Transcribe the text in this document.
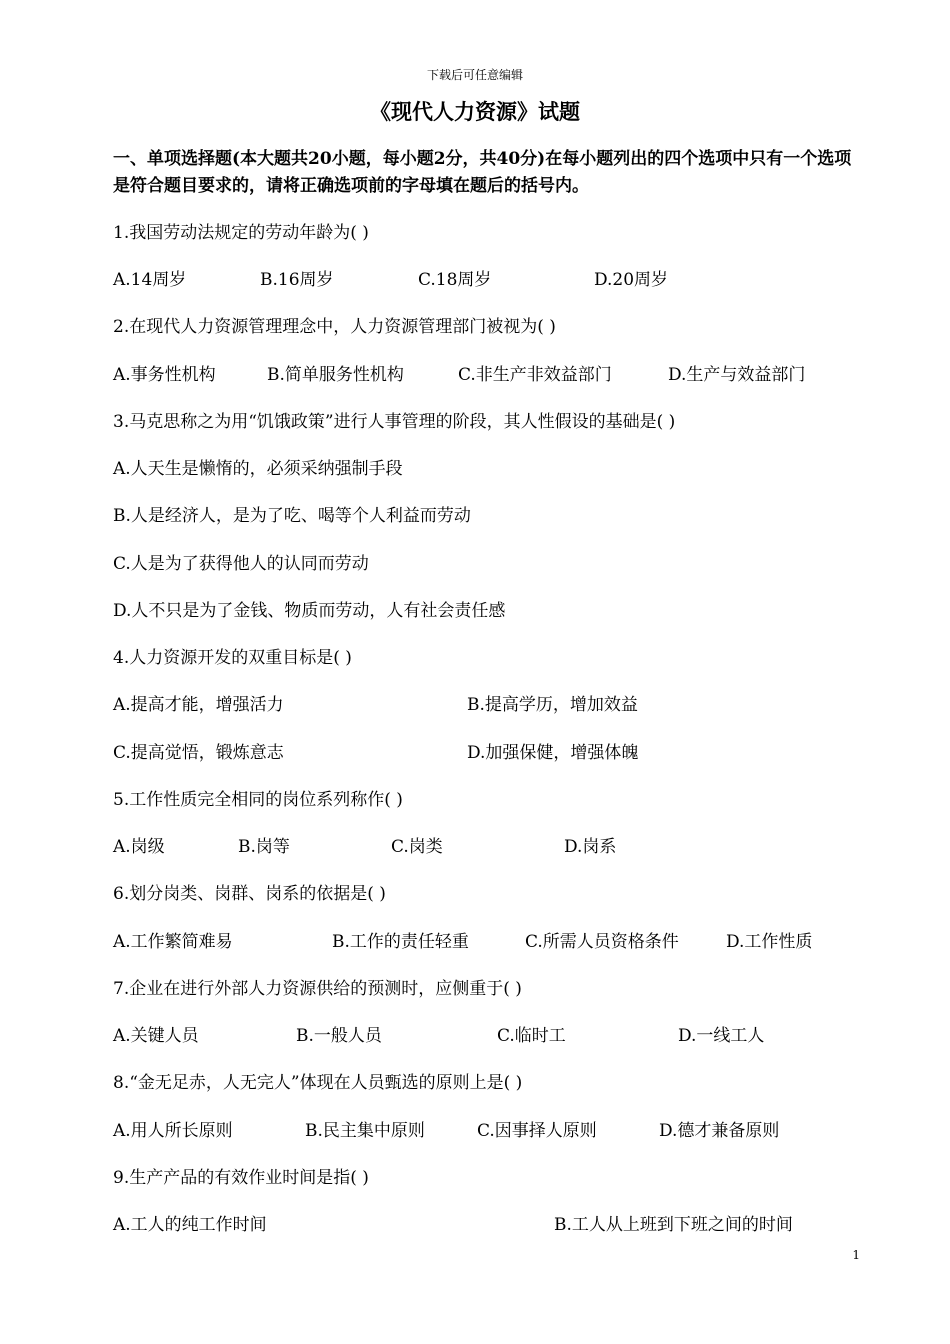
下载后可任意编辑
《现代人力资源》试题
一、单项选择题(本大题共20小题，每小题2分，共40分)在每小题列出的四个选项中只有一个选项是符合题目要求的，请将正确选项前的字母填在题后的括号内。
1.我国劳动法规定的劳动年龄为( )
A.14周岁	B.16周岁	C.18周岁	D.20周岁
2.在现代人力资源管理理念中，人力资源管理部门被视为( )
A.事务性机构	B.简单服务性机构	C.非生产非效益部门	D.生产与效益部门
3.马克思称之为用“饥饿政策”进行人事管理的阶段，其人性假设的基础是( )
A.人天生是懒惰的，必须采纳强制手段
B.人是经济人，是为了吃、喝等个人利益而劳动
C.人是为了获得他人的认同而劳动
D.人不只是为了金钱、物质而劳动，人有社会责任感
4.人力资源开发的双重目标是( )
A.提高才能，增强活力	B.提高学历，增加效益
C.提高觉悟，锻炼意志	D.加强保健，增强体魄
5.工作性质完全相同的岗位系列称作( )
A.岗级	B.岗等	C.岗类	D.岗系
6.划分岗类、岗群、岗系的依据是( )
A.工作繁简难易	B.工作的责任轻重	C.所需人员资格条件	D.工作性质
7.企业在进行外部人力资源供给的预测时，应侧重于( )
A.关键人员	B.一般人员	C.临时工	D.一线工人
8.“金无足赤，人无完人”体现在人员甄选的原则上是( )
A.用人所长原则	B.民主集中原则	C.因事择人原则	D.德才兼备原则
9.生产产品的有效作业时间是指( )
A.工人的纯工作时间	B.工人从上班到下班之间的时间
1
